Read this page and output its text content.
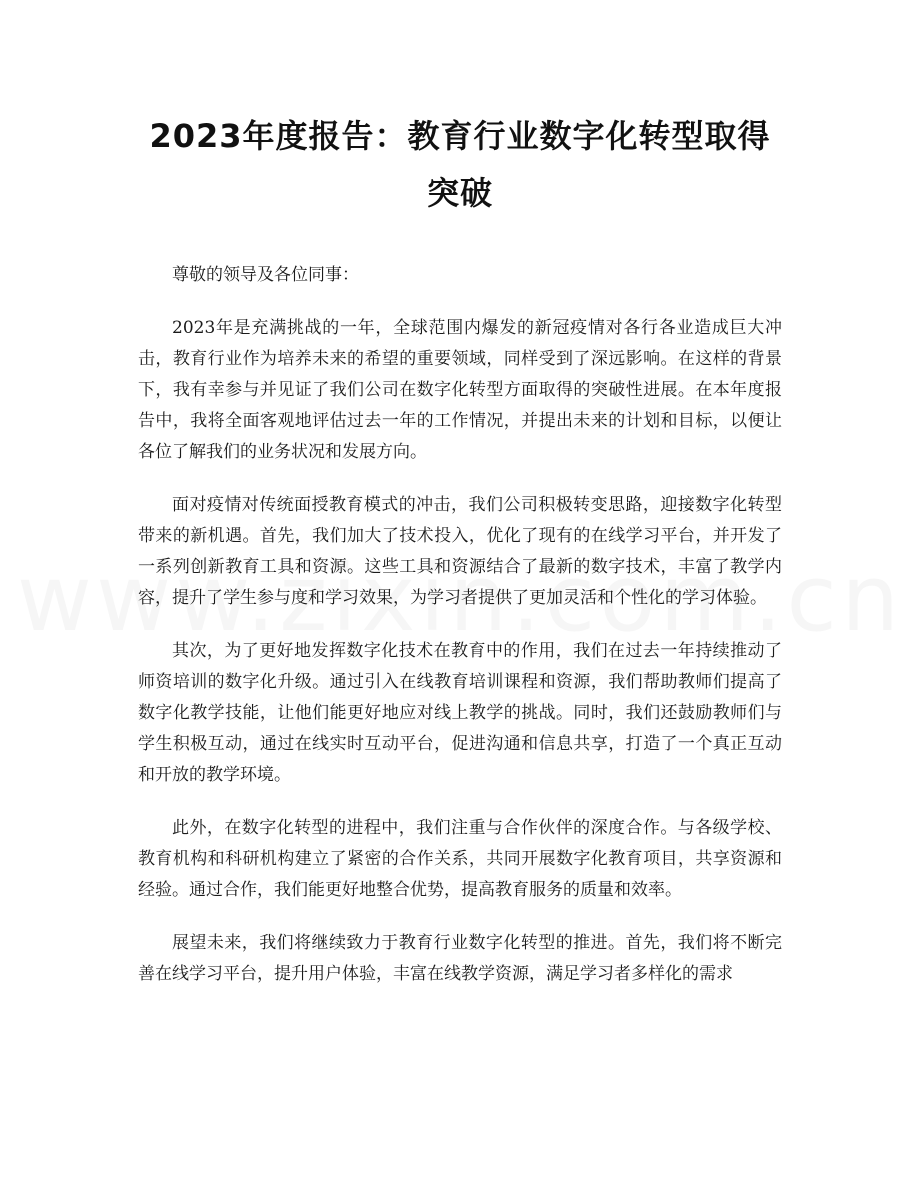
2023年度报告：教育行业数字化转型取得突破

尊敬的领导及各位同事：

2023年是充满挑战的一年，全球范围内爆发的新冠疫情对各行各业造成巨大冲击，教育行业作为培养未来的希望的重要领域，同样受到了深远影响。在这样的背景下，我有幸参与并见证了我们公司在数字化转型方面取得的突破性进展。在本年度报告中，我将全面客观地评估过去一年的工作情况，并提出未来的计划和目标，以便让各位了解我们的业务状况和发展方向。

面对疫情对传统面授教育模式的冲击，我们公司积极转变思路，迎接数字化转型带来的新机遇。首先，我们加大了技术投入，优化了现有的在线学习平台，并开发了一系列创新教育工具和资源。这些工具和资源结合了最新的数字技术，丰富了教学内容，提升了学生参与度和学习效果，为学习者提供了更加灵活和个性化的学习体验。

其次，为了更好地发挥数字化技术在教育中的作用，我们在过去一年持续推动了师资培训的数字化升级。通过引入在线教育培训课程和资源，我们帮助教师们提高了数字化教学技能，让他们能更好地应对线上教学的挑战。同时，我们还鼓励教师们与学生积极互动，通过在线实时互动平台，促进沟通和信息共享，打造了一个真正互动和开放的教学环境。

此外，在数字化转型的进程中，我们注重与合作伙伴的深度合作。与各级学校、教育机构和科研机构建立了紧密的合作关系，共同开展数字化教育项目，共享资源和经验。通过合作，我们能更好地整合优势，提高教育服务的质量和效率。

展望未来，我们将继续致力于教育行业数字化转型的推进。首先，我们将不断完善在线学习平台，提升用户体验，丰富在线教学资源，满足学习者多样化的需求
